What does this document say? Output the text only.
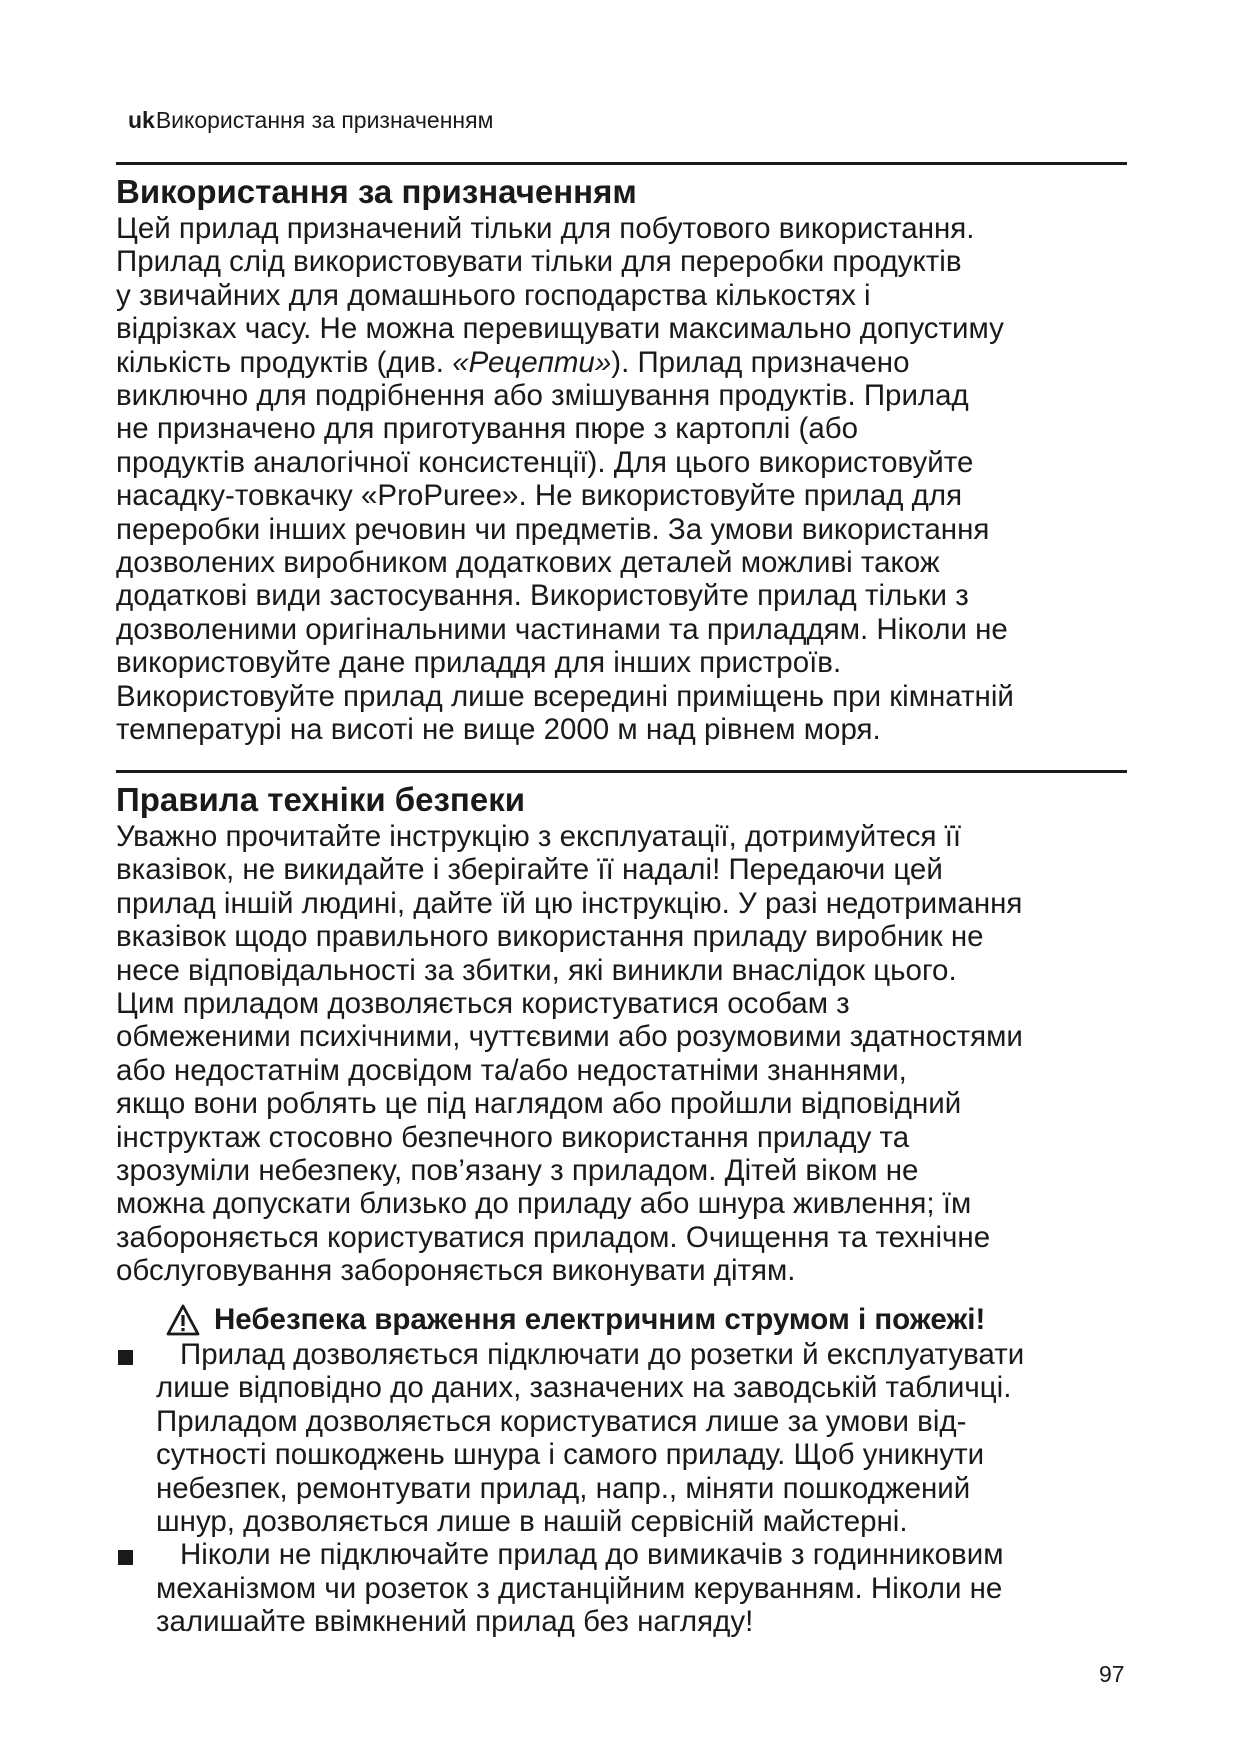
ukВикористання за призначенням
Використання за призначенням

Цей прилад призначений тільки для побутового використання.
Прилад слід використовувати тільки для переробки продуктів
у звичайних для домашнього господарства кількостях і
відрізках часу. Не можна перевищувати максимально допустиму
кількість продуктів (див. «Рецепти»). Прилад призначено
виключно для подрібнення або змішування продуктів. Прилад
не призначено для приготування пюре з картоплі (або
продуктів аналогічної консистенції). Для цього використовуйте
насадку-товкачку «ProPuree». Не використовуйте прилад для
переробки інших речовин чи предметів. За умови використання
дозволених виробником додаткових деталей можливі також
додаткові види застосування. Використовуйте прилад тільки з
дозволеними оригінальними частинами та приладдям. Ніколи не
використовуйте дане приладдя для інших пристроїв.
Використовуйте прилад лише всередині приміщень при кімнатній
температурі на висоті не вище 2000 м над рівнем моря.

Правила техніки безпеки

Уважно прочитайте інструкцію з експлуатації, дотримуйтеся її
вказівок, не викидайте і зберігайте її надалі! Передаючи цей
прилад іншій людині, дайте їй цю інструкцію. У разі недотримання
вказівок щодо правильного використання приладу виробник не
несе відповідальності за збитки, які виникли внаслідок цього.
Цим приладом дозволяється користуватися особам з
обмеженими психічними, чуттєвими або розумовими здатностями
або недостатнім досвідом та/або недостатніми знаннями,
якщо вони роблять це під наглядом або пройшли відповідний
інструктаж стосовно безпечного використання приладу та
зрозуміли небезпеку, пов’язану з приладом. Дітей віком не
можна допускати близько до приладу або шнура живлення; їм
забороняється користуватися приладом. Очищення та технічне
обслуговування забороняється виконувати дітям.

Небезпека враження електричним струмом і пожежі!

Прилад дозволяється підключати до розетки й експлуатувати
лише відповідно до даних, зазначених на заводській табличці.
Приладом дозволяється користуватися лише за умови від-
сутності пошкоджень шнура і самого приладу. Щоб уникнути
небезпек, ремонтувати прилад, напр., міняти пошкоджений
шнур, дозволяється лише в нашій сервісній майстерні.

Ніколи не підключайте прилад до вимикачів з годинниковим
механізмом чи розеток з дистанційним керуванням. Ніколи не
залишайте ввімкнений прилад без нагляду!

97
